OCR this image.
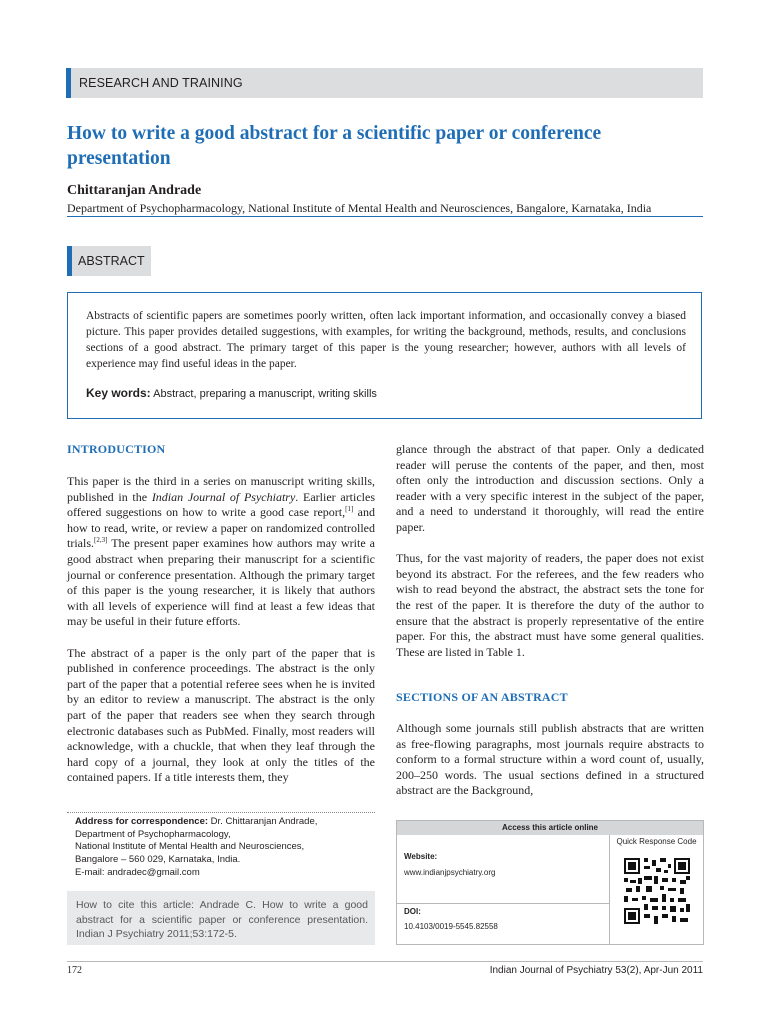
RESEARCH AND TRAINING
How to write a good abstract for a scientific paper or conference presentation
Chittaranjan Andrade
Department of Psychopharmacology, National Institute of Mental Health and Neurosciences, Bangalore, Karnataka, India
ABSTRACT
Abstracts of scientific papers are sometimes poorly written, often lack important information, and occasionally convey a biased picture. This paper provides detailed suggestions, with examples, for writing the background, methods, results, and conclusions sections of a good abstract. The primary target of this paper is the young researcher; however, authors with all levels of experience may find useful ideas in the paper.
Key words: Abstract, preparing a manuscript, writing skills
INTRODUCTION

This paper is the third in a series on manuscript writing skills, published in the Indian Journal of Psychiatry. Earlier articles offered suggestions on how to write a good case report,[1] and how to read, write, or review a paper on randomized controlled trials.[2,3] The present paper examines how authors may write a good abstract when preparing their manuscript for a scientific journal or conference presentation. Although the primary target of this paper is the young researcher, it is likely that authors with all levels of experience will find at least a few ideas that may be useful in their future efforts.

The abstract of a paper is the only part of the paper that is published in conference proceedings. The abstract is the only part of the paper that a potential referee sees when he is invited by an editor to review a manuscript. The abstract is the only part of the paper that readers see when they search through electronic databases such as PubMed. Finally, most readers will acknowledge, with a chuckle, that when they leaf through the hard copy of a journal, they look at only the titles of the contained papers. If a title interests them, they

glance through the abstract of that paper. Only a dedicated reader will peruse the contents of the paper, and then, most often only the introduction and discussion sections. Only a reader with a very specific interest in the subject of the paper, and a need to understand it thoroughly, will read the entire paper.

Thus, for the vast majority of readers, the paper does not exist beyond its abstract. For the referees, and the few readers who wish to read beyond the abstract, the abstract sets the tone for the rest of the paper. It is therefore the duty of the author to ensure that the abstract is properly representative of the entire paper. For this, the abstract must have some general qualities. These are listed in Table 1.

SECTIONS OF AN ABSTRACT

Although some journals still publish abstracts that are written as free-flowing paragraphs, most journals require abstracts to conform to a formal structure within a word count of, usually, 200–250 words. The usual sections defined in a structured abstract are the Background,

Address for correspondence: Dr. Chittaranjan Andrade,
Department of Psychopharmacology,
National Institute of Mental Health and Neurosciences,
Bangalore – 560 029, Karnataka, India.
E-mail: andradec@gmail.com
How to cite this article: Andrade C. How to write a good abstract for a scientific paper or conference presentation. Indian J Psychiatry 2011;53:172-5.
Access this article online
Website:
www.indianjpsychiatry.org
DOI:
10.4103/0019-5545.82558
Quick Response Code
172	Indian Journal of Psychiatry 53(2), Apr-Jun 2011
